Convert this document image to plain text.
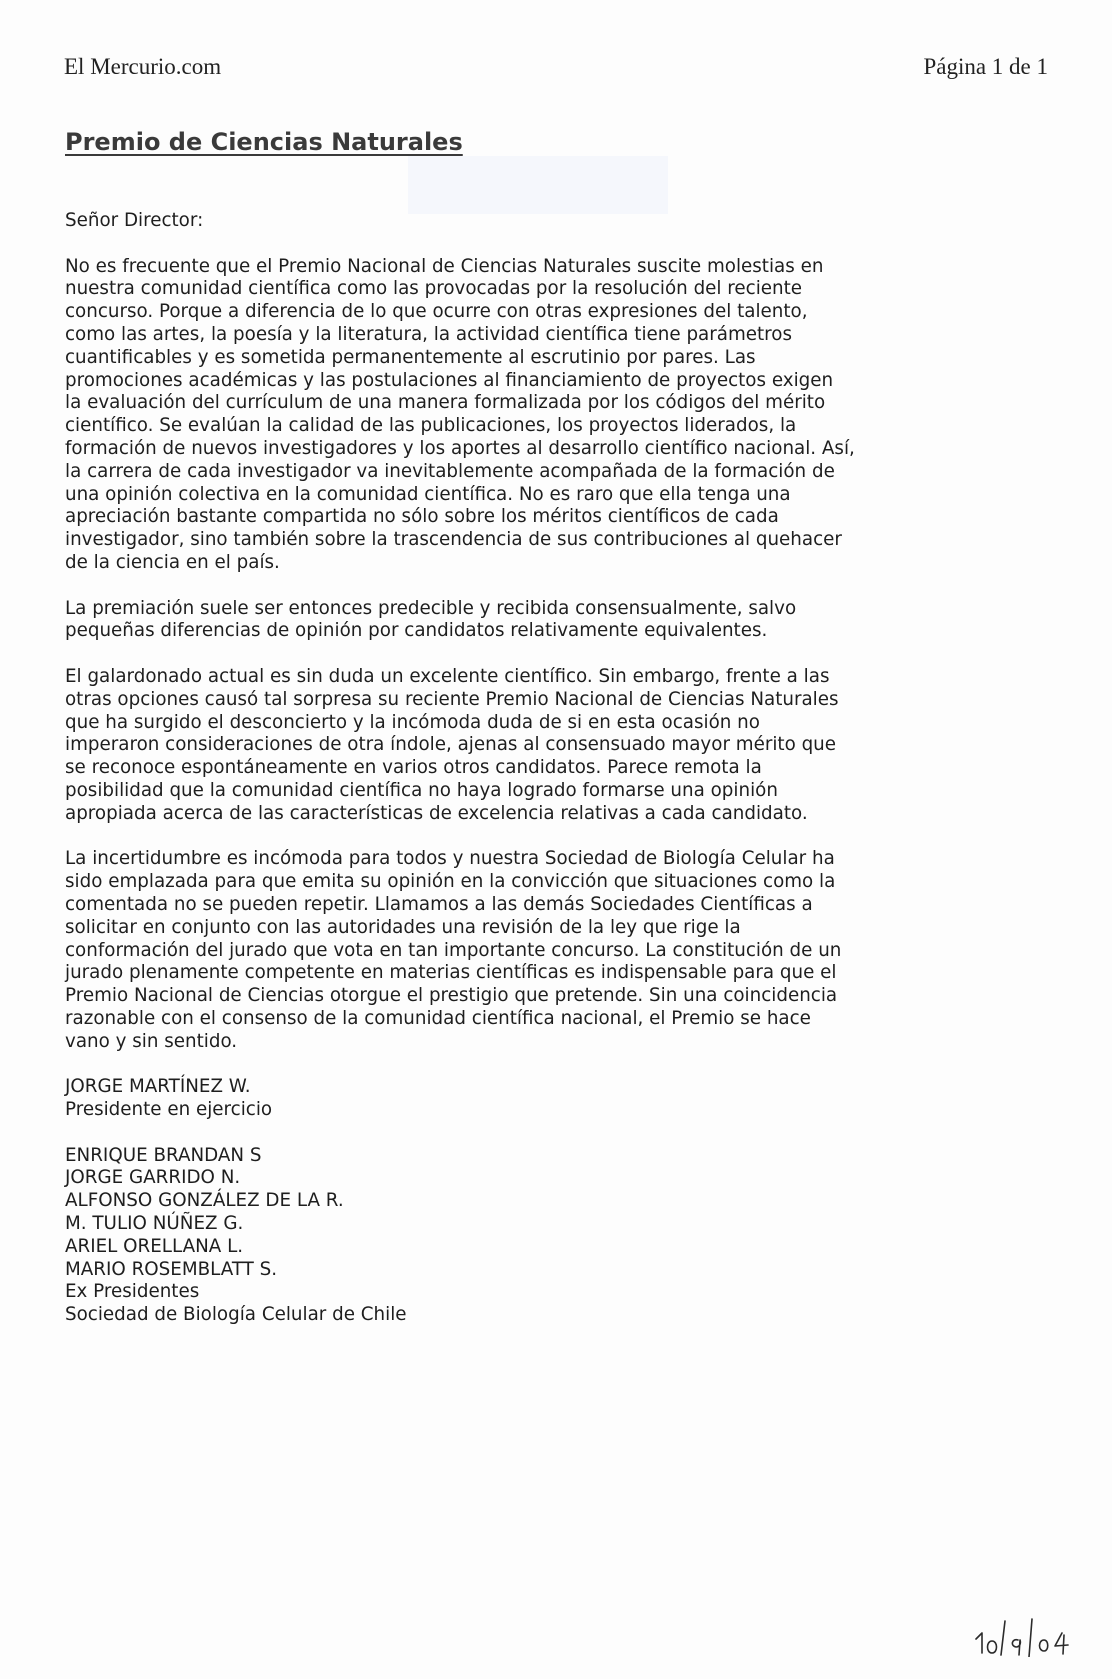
El Mercurio.com	Página 1 de 1
Premio de Ciencias Naturales

Señor Director:

No es frecuente que el Premio Nacional de Ciencias Naturales suscite molestias en nuestra comunidad científica como las provocadas por la resolución del reciente concurso. Porque a diferencia de lo que ocurre con otras expresiones del talento, como las artes, la poesía y la literatura, la actividad científica tiene parámetros cuantificables y es sometida permanentemente al escrutinio por pares. Las promociones académicas y las postulaciones al financiamiento de proyectos exigen la evaluación del currículum de una manera formalizada por los códigos del mérito científico. Se evalúan la calidad de las publicaciones, los proyectos liderados, la formación de nuevos investigadores y los aportes al desarrollo científico nacional. Así, la carrera de cada investigador va inevitablemente acompañada de la formación de una opinión colectiva en la comunidad científica. No es raro que ella tenga una apreciación bastante compartida no sólo sobre los méritos científicos de cada investigador, sino también sobre la trascendencia de sus contribuciones al quehacer de la ciencia en el país.

La premiación suele ser entonces predecible y recibida consensualmente, salvo pequeñas diferencias de opinión por candidatos relativamente equivalentes.

El galardonado actual es sin duda un excelente científico. Sin embargo, frente a las otras opciones causó tal sorpresa su reciente Premio Nacional de Ciencias Naturales que ha surgido el desconcierto y la incómoda duda de si en esta ocasión no imperaron consideraciones de otra índole, ajenas al consensuado mayor mérito que se reconoce espontáneamente en varios otros candidatos. Parece remota la posibilidad que la comunidad científica no haya logrado formarse una opinión apropiada acerca de las características de excelencia relativas a cada candidato.

La incertidumbre es incómoda para todos y nuestra Sociedad de Biología Celular ha sido emplazada para que emita su opinión en la convicción que situaciones como la comentada no se pueden repetir. Llamamos a las demás Sociedades Científicas a solicitar en conjunto con las autoridades una revisión de la ley que rige la conformación del jurado que vota en tan importante concurso. La constitución de un jurado plenamente competente en materias científicas es indispensable para que el Premio Nacional de Ciencias otorgue el prestigio que pretende. Sin una coincidencia razonable con el consenso de la comunidad científica nacional, el Premio se hace vano y sin sentido.

JORGE MARTÍNEZ W.
Presidente en ejercicio
ENRIQUE BRANDAN S
JORGE GARRIDO N.
ALFONSO GONZÁLEZ DE LA R.
M. TULIO NÚÑEZ G.
ARIEL ORELLANA L.
MARIO ROSEMBLATT S.
Ex Presidentes
Sociedad de Biología Celular de Chile
